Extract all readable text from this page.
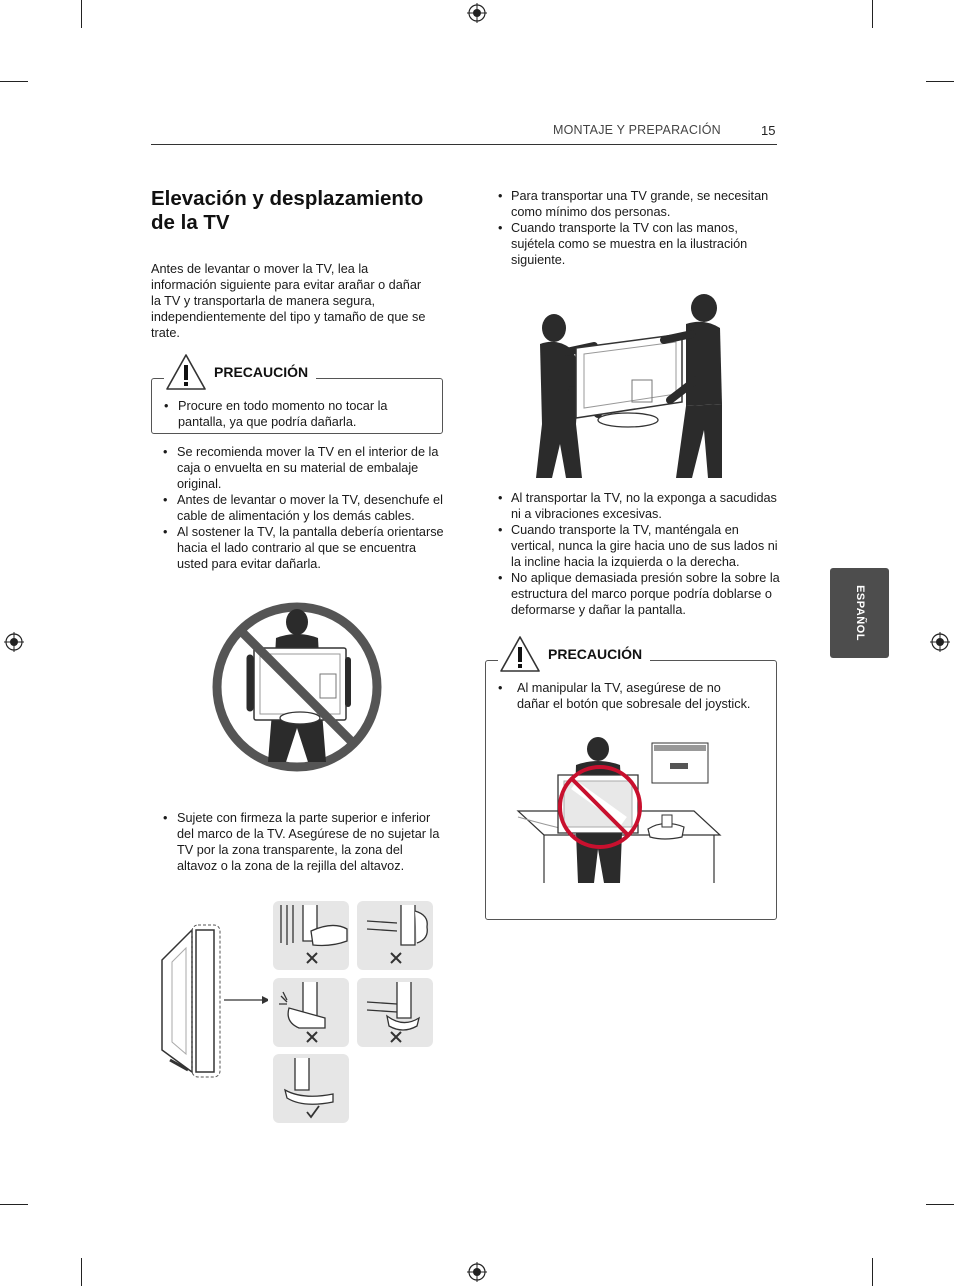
MONTAJE Y PREPARACIÓN	15
ESPAÑOL
Elevación y desplazamiento de la TV
Antes de levantar o mover la TV, lea la información siguiente para evitar arañar o dañar la TV y transportarla de manera segura, independientemente del tipo y tamaño de que se trate.
• Procure en todo momento no tocar la pantalla, ya que podría dañarla.
PRECAUCIÓN
• Se recomienda mover la TV en el interior de la caja o envuelta en su material de embalaje original.
• Antes de levantar o mover la TV, desenchufe el cable de alimentación y los demás cables.
• Al sostener la TV, la pantalla debería orientarse hacia el lado contrario al que se encuentra usted para evitar dañarla.
• Sujete con firmeza la parte superior e inferior del marco de la TV. Asegúrese de no sujetar la TV por la zona transparente, la zona del altavoz o la zona de la rejilla del altavoz.
• Para transportar una TV grande, se necesitan como mínimo dos personas.
• Cuando transporte la TV con las manos, sujétela como se muestra en la ilustración siguiente.
• Al transportar la TV, no la exponga a sacudidas ni a vibraciones excesivas.
• Cuando transporte la TV, manténgala en vertical, nunca la gire hacia uno de sus lados ni la incline hacia la izquierda o la derecha.
• No aplique demasiada presión sobre la sobre la estructura del marco porque podría doblarse o deformarse y dañar la pantalla.
• Al manipular la TV, asegúrese de no dañar el botón que sobresale del joystick.
PRECAUCIÓN
